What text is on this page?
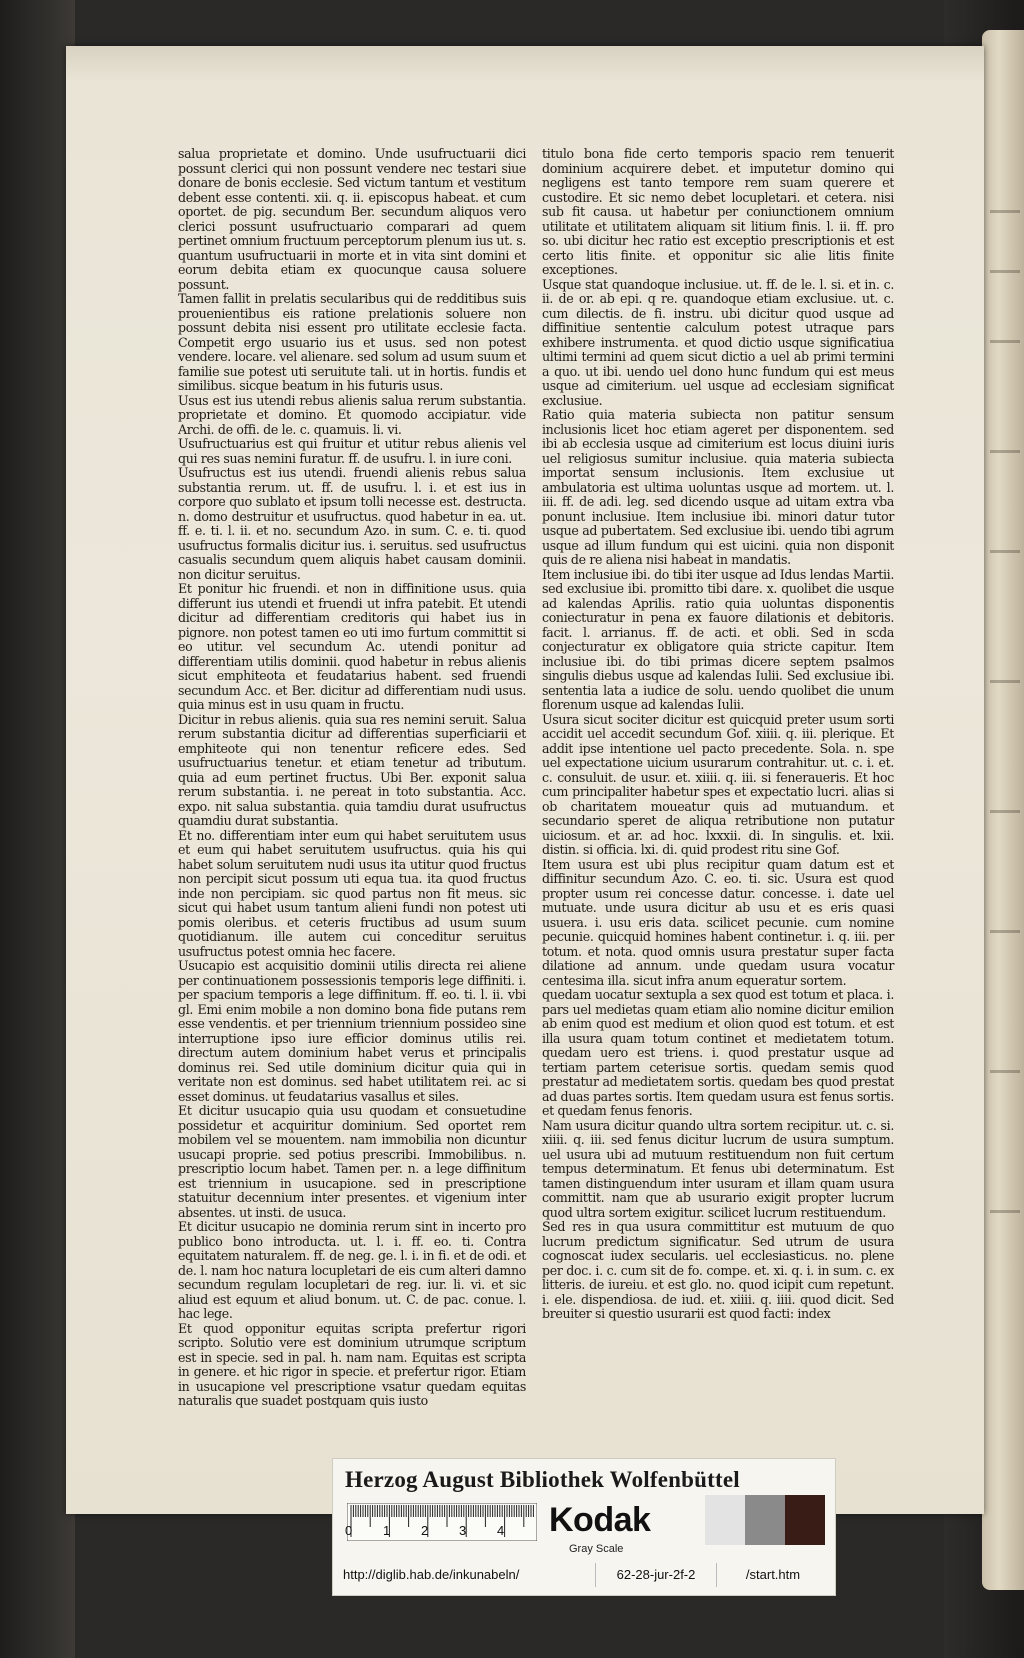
salua proprietate et domino. Unde usufructuarii dici possunt clerici qui non possunt vendere nec testari siue donare de bonis ecclesie. Sed victum tantum et vestitum debent esse contenti. xii. q. ii. episcopus habeat. et cum oportet. de pig. secundum Ber. secundum aliquos vero clerici possunt usufructuario comparari ad quem pertinet omnium fructuum perceptorum plenum ius ut. s. quantum usufructuarii in morte et in vita sint domini et eorum debita etiam ex quocunque causa soluere possunt.

Tamen fallit in prelatis secularibus qui de redditibus suis prouenientibus eis ratione prelationis soluere non possunt debita nisi essent pro utilitate ecclesie facta. Competit ergo usuario ius et usus. sed non potest vendere. locare. vel alienare. sed solum ad usum suum et familie sue potest uti seruitute tali. ut in hortis. fundis et similibus. sicque beatum in his futuris usus.

Usus est ius utendi rebus alienis salua rerum substantia. proprietate et domino. Et quomodo accipiatur. vide Archi. de offi. de le. c. quamuis. li. vi.

Usufructuarius est qui fruitur et utitur rebus alienis vel qui res suas nemini furatur. ff. de usufru. l. in iure coni.

Usufructus est ius utendi. fruendi alienis rebus salua substantia rerum. ut. ff. de usufru. l. i. et est ius in corpore quo sublato et ipsum tolli necesse est. destructa. n. domo destruitur et usufructus. quod habetur in ea. ut. ff. e. ti. l. ii. et no. secundum Azo. in sum. C. e. ti. quod usufructus formalis dicitur ius. i. seruitus. sed usufructus casualis secundum quem aliquis habet causam dominii. non dicitur seruitus.

Et ponitur hic fruendi. et non in diffinitione usus. quia differunt ius utendi et fruendi ut infra patebit. Et utendi dicitur ad differentiam creditoris qui habet ius in pignore. non potest tamen eo uti imo furtum committit si eo utitur. vel secundum Ac. utendi ponitur ad differentiam utilis dominii. quod habetur in rebus alienis sicut emphiteota et feudatarius habent. sed fruendi secundum Acc. et Ber. dicitur ad differentiam nudi usus. quia minus est in usu quam in fructu.

Dicitur in rebus alienis. quia sua res nemini seruit. Salua rerum substantia dicitur ad differentias superficiarii et emphiteote qui non tenentur reficere edes. Sed usufructuarius tenetur. et etiam tenetur ad tributum. quia ad eum pertinet fructus. Ubi Ber. exponit salua rerum substantia. i. ne pereat in toto substantia. Acc. expo. nit salua substantia. quia tamdiu durat usufructus quamdiu durat substantia.

Et no. differentiam inter eum qui habet seruitutem usus et eum qui habet seruitutem usufructus. quia his qui habet solum seruitutem nudi usus ita utitur quod fructus non percipit sicut possum uti equa tua. ita quod fructus inde non percipiam. sic quod partus non fit meus. sic sicut qui habet usum tantum alieni fundi non potest uti pomis oleribus. et ceteris fructibus ad usum suum quotidianum. ille autem cui conceditur seruitus usufructus potest omnia hec facere.

Usucapio est acquisitio dominii utilis directa rei aliene per continuationem possessionis temporis lege diffiniti. i. per spacium temporis a lege diffinitum. ff. eo. ti. l. ii. vbi gl. Emi enim mobile a non domino bona fide putans rem esse vendentis. et per triennium triennium possideo sine interruptione ipso iure efficior dominus utilis rei. directum autem dominium habet verus et principalis dominus rei. Sed utile dominium dicitur quia qui in veritate non est dominus. sed habet utilitatem rei. ac si esset dominus. ut feudatarius vasallus et siles.

Et dicitur usucapio quia usu quodam et consuetudine possidetur et acquiritur dominium. Sed oportet rem mobilem vel se mouentem. nam immobilia non dicuntur usucapi proprie. sed potius prescribi. Immobilibus. n. prescriptio locum habet. Tamen per. n. a lege diffinitum est triennium in usucapione. sed in prescriptione statuitur decennium inter presentes. et vigenium inter absentes. ut insti. de usuca.

Et dicitur usucapio ne dominia rerum sint in incerto pro publico bono introducta. ut. l. i. ff. eo. ti. Contra equitatem naturalem. ff. de neg. ge. l. i. in fi. et de odi. et de. l. nam hoc natura locupletari de eis cum alteri damno secundum regulam locupletari de reg. iur. li. vi. et sic aliud est equum et aliud bonum. ut. C. de pac. conue. l. hac lege.

Et quod opponitur equitas scripta prefertur rigori scripto. Solutio vere est dominium utrumque scriptum est in specie. sed in pal. h. nam nam. Equitas est scripta in genere. et hic rigor in specie. et prefertur rigor. Etiam in usucapione vel prescriptione vsatur quedam equitas naturalis que suadet postquam quis iusto

titulo bona fide certo temporis spacio rem tenuerit dominium acquirere debet. et imputetur domino qui negligens est tanto tempore rem suam querere et custodire. Et sic nemo debet locupletari. et cetera. nisi sub fit causa. ut habetur per coniunctionem omnium utilitate et utilitatem aliquam sit litium finis. l. ii. ff. pro so. ubi dicitur hec ratio est exceptio prescriptionis et est certo litis finite. et opponitur sic alie litis finite exceptiones.

Usque stat quandoque inclusiue. ut. ff. de le. l. si. et in. c. ii. de or. ab epi. q re. quandoque etiam exclusiue. ut. c. cum dilectis. de fi. instru. ubi dicitur quod usque ad diffinitiue sententie calculum potest utraque pars exhibere instrumenta. et quod dictio usque significatiua ultimi termini ad quem sicut dictio a uel ab primi termini a quo. ut ibi. uendo uel dono hunc fundum qui est meus usque ad cimiterium. uel usque ad ecclesiam significat exclusiue.

Ratio quia materia subiecta non patitur sensum inclusionis licet hoc etiam ageret per disponentem. sed ibi ab ecclesia usque ad cimiterium est locus diuini iuris uel religiosus sumitur inclusiue. quia materia subiecta importat sensum inclusionis. Item exclusiue ut ambulatoria est ultima uoluntas usque ad mortem. ut. l. iii. ff. de adi. leg. sed dicendo usque ad uitam extra vba ponunt inclusiue. Item inclusiue ibi. minori datur tutor usque ad pubertatem. Sed exclusiue ibi. uendo tibi agrum usque ad illum fundum qui est uicini. quia non disponit quis de re aliena nisi habeat in mandatis.

Item inclusiue ibi. do tibi iter usque ad Idus lendas Martii. sed exclusiue ibi. promitto tibi dare. x. quolibet die usque ad kalendas Aprilis. ratio quia uoluntas disponentis coniecturatur in pena ex fauore dilationis et debitoris. facit. l. arrianus. ff. de acti. et obli. Sed in scda conjecturatur ex obligatore quia stricte capitur. Item inclusiue ibi. do tibi primas dicere septem psalmos singulis diebus usque ad kalendas Iulii. Sed exclusiue ibi. sententia lata a iudice de solu. uendo quolibet die unum florenum usque ad kalendas Iulii.

Usura sicut sociter dicitur est quicquid preter usum sorti accidit uel accedit secundum Gof. xiiii. q. iii. plerique. Et addit ipse intentione uel pacto precedente. Sola. n. spe uel expectatione uicium usurarum contrahitur. ut. c. i. et. c. consuluit. de usur. et. xiiii. q. iii. si feneraueris. Et hoc cum principaliter habetur spes et expectatio lucri. alias si ob charitatem moueatur quis ad mutuandum. et secundario speret de aliqua retributione non putatur uiciosum. et ar. ad hoc. lxxxii. di. In singulis. et. lxii. distin. si officia. lxi. di. quid prodest ritu sine Gof.

Item usura est ubi plus recipitur quam datum est et diffinitur secundum Azo. C. eo. ti. sic. Usura est quod propter usum rei concesse datur. concesse. i. date uel mutuate. unde usura dicitur ab usu et es eris quasi usuera. i. usu eris data. scilicet pecunie. cum nomine pecunie. quicquid homines habent continetur. i. q. iii. per totum. et nota. quod omnis usura prestatur super facta dilatione ad annum. unde quedam usura vocatur centesima illa. sicut infra anum equeratur sortem.

quedam uocatur sextupla a sex quod est totum et placa. i. pars uel medietas quam etiam alio nomine dicitur emilion ab enim quod est medium et olion quod est totum. et est illa usura quam totum continet et medietatem totum. quedam uero est triens. i. quod prestatur usque ad tertiam partem ceterisue sortis. quedam semis quod prestatur ad medietatem sortis. quedam bes quod prestat ad duas partes sortis. Item quedam usura est fenus sortis. et quedam fenus fenoris.

Nam usura dicitur quando ultra sortem recipitur. ut. c. si. xiiii. q. iii. sed fenus dicitur lucrum de usura sumptum. uel usura ubi ad mutuum restituendum non fuit certum tempus determinatum. Et fenus ubi determinatum. Est tamen distinguendum inter usuram et illam quam usura committit. nam que ab usurario exigit propter lucrum quod ultra sortem exigitur. scilicet lucrum restituendum.

Sed res in qua usura committitur est mutuum de quo lucrum predictum significatur. Sed utrum de usura cognoscat iudex secularis. uel ecclesiasticus. no. plene per doc. i. c. cum sit de fo. compe. et. xi. q. i. in sum. c. ex litteris. de iureiu. et est glo. no. quod icipit cum repetunt. i. ele. dispendiosa. de iud. et. xiiii. q. iiii. quod dicit. Sed breuiter si questio usurarii est quod facti: index

Herzog August Bibliothek Wolfenbüttel
0 1 2 3 4 Kodak
Gray Scale
http://diglib.hab.de/inkunabeln/	62-28-jur-2f-2	/start.htm
